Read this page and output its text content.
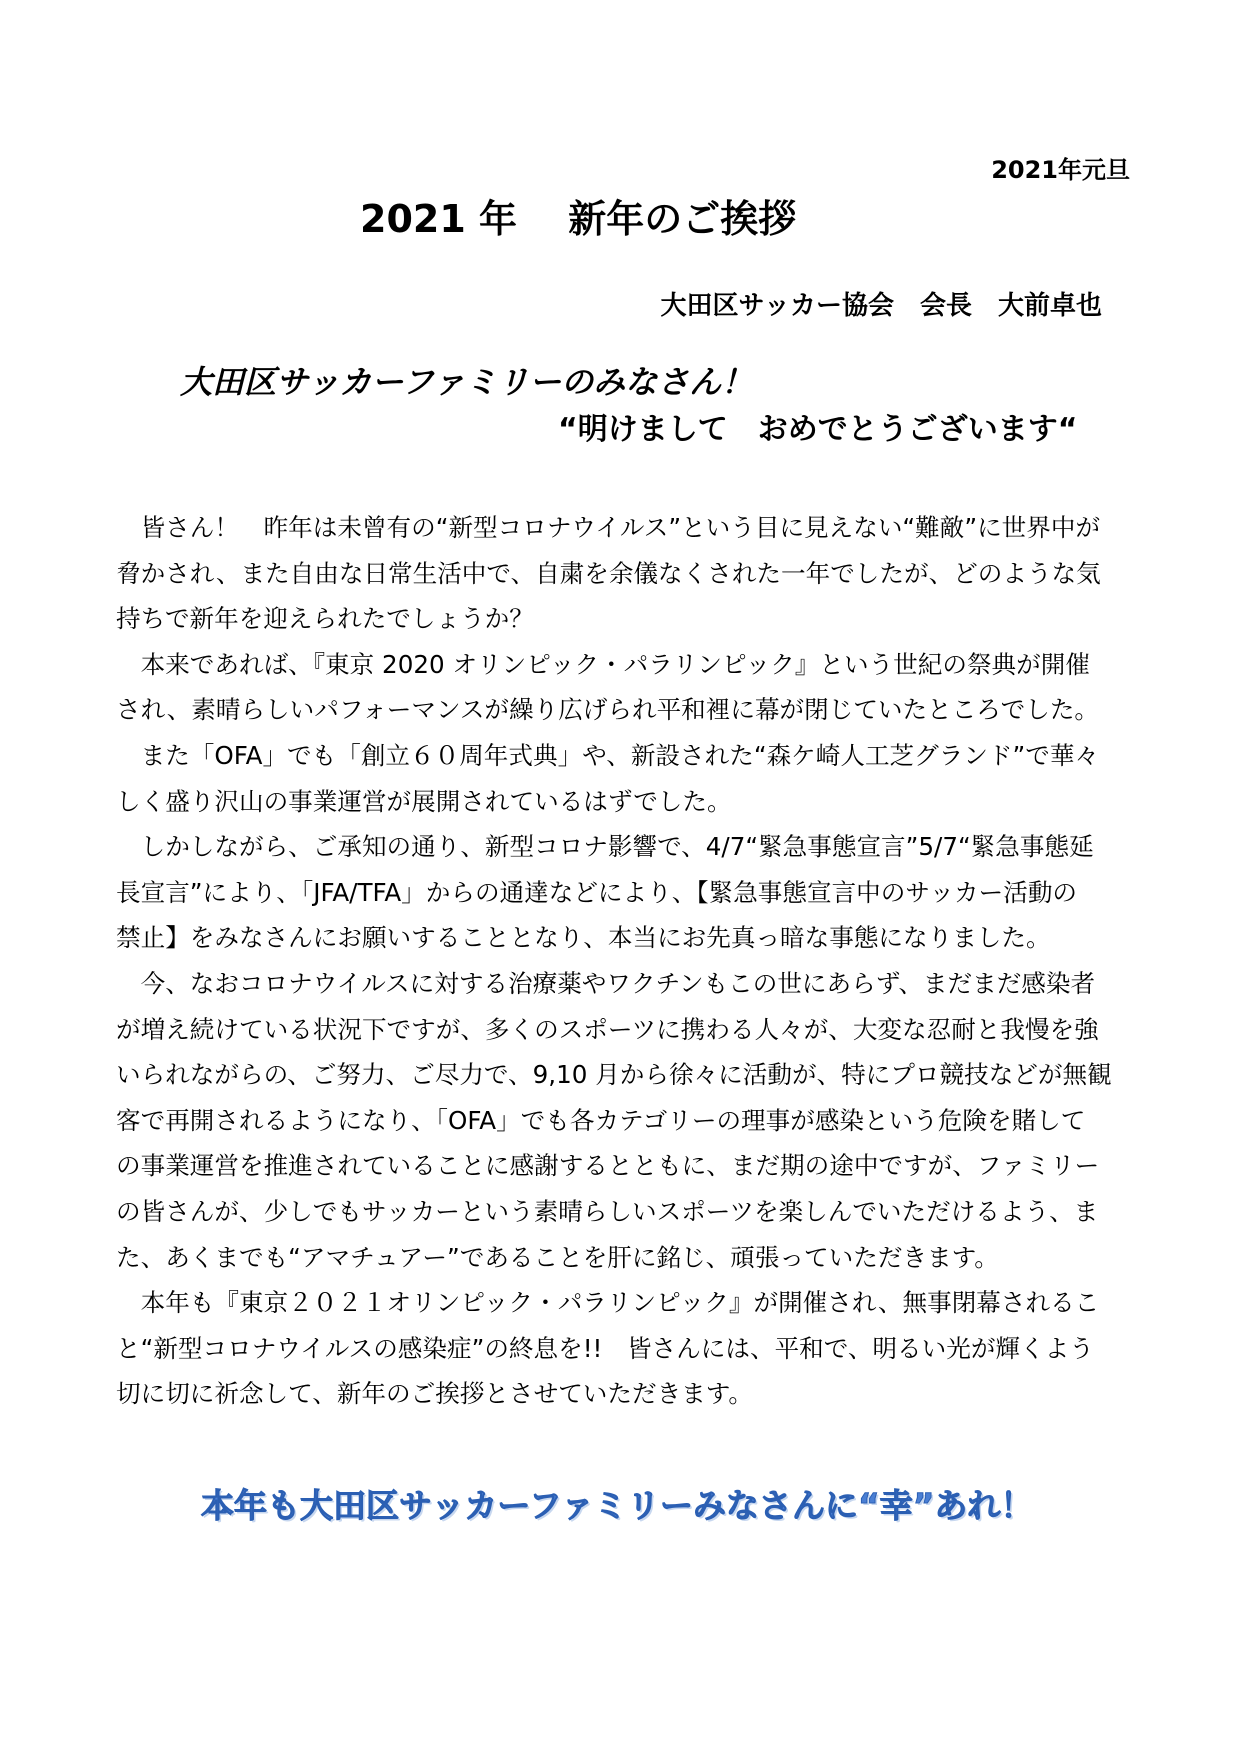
2021年元旦
2021 年　 新年のご挨拶
大田区サッカー協会　会長　大前卓也
大田区サッカーファミリーのみなさん！
“明けまして　おめでとうございます“
　皆さん！　昨年は未曾有の“新型コロナウイルス”という目に見えない“難敵”に世界中が
脅かされ、また自由な日常生活中で、自粛を余儀なくされた一年でしたが、どのような気
持ちで新年を迎えられたでしょうか？
　本来であれば、『東京 2020 オリンピック・パラリンピック』という世紀の祭典が開催
され、素晴らしいパフォーマンスが繰り広げられ平和裡に幕が閉じていたところでした。
　また「OFA」でも「創立６０周年式典」や、新設された“森ケ崎人工芝グランド”で華々
しく盛り沢山の事業運営が展開されているはずでした。
　しかしながら、ご承知の通り、新型コロナ影響で、4/7“緊急事態宣言”5/7“緊急事態延
長宣言”により、「JFA/TFA」からの通達などにより、【緊急事態宣言中のサッカー活動の
禁止】をみなさんにお願いすることとなり、本当にお先真っ暗な事態になりました。
　今、なおコロナウイルスに対する治療薬やワクチンもこの世にあらず、まだまだ感染者
が増え続けている状況下ですが、多くのスポーツに携わる人々が、大変な忍耐と我慢を強
いられながらの、ご努力、ご尽力で、9,10 月から徐々に活動が、特にプロ競技などが無観
客で再開されるようになり、「OFA」でも各カテゴリーの理事が感染という危険を賭して
の事業運営を推進されていることに感謝するとともに、まだ期の途中ですが、ファミリー
の皆さんが、少しでもサッカーという素晴らしいスポーツを楽しんでいただけるよう、ま
た、あくまでも“アマチュアー”であることを肝に銘じ、頑張っていただきます。
　本年も『東京２０２１オリンピック・パラリンピック』が開催され、無事閉幕されるこ
と“新型コロナウイルスの感染症”の終息を!!　皆さんには、平和で、明るい光が輝くよう
切に切に祈念して、新年のご挨拶とさせていただきます。
本年も大田区サッカーファミリーみなさんに“幸”あれ！
